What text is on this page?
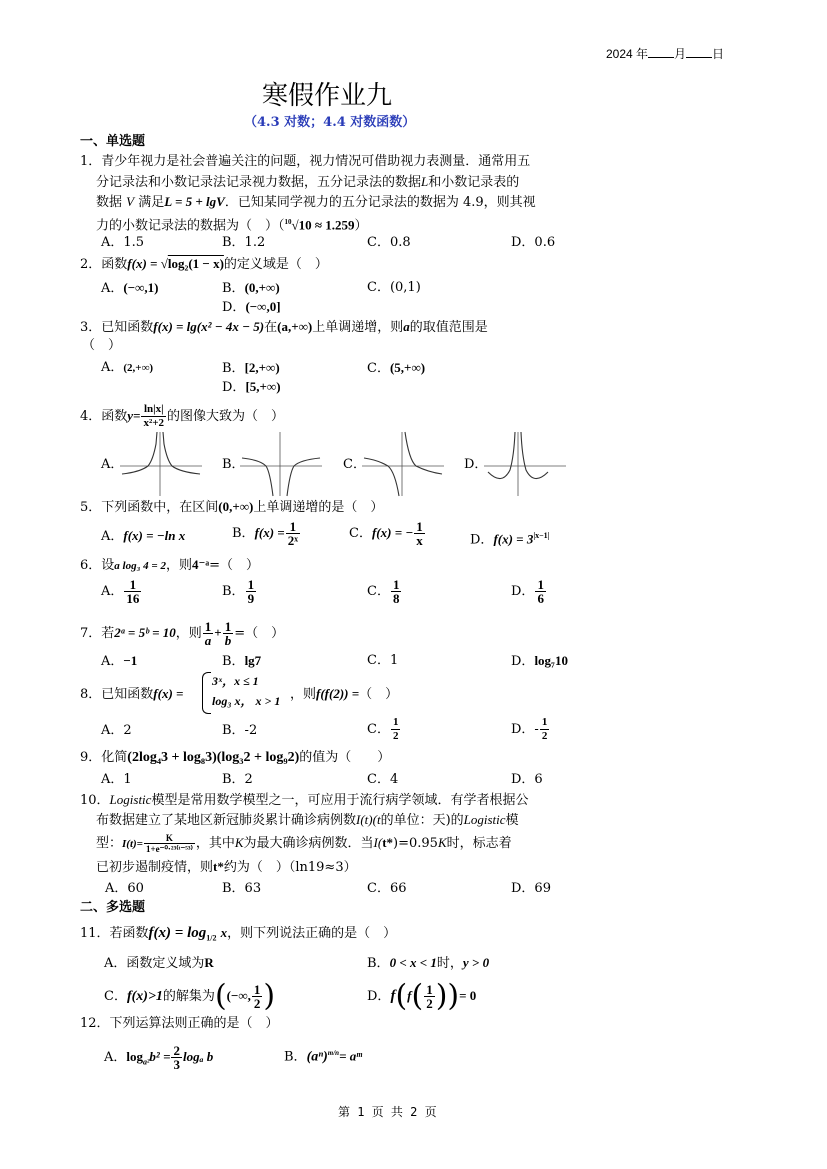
2024 年 月 日
寒假作业九
（4.3 对数；4.4 对数函数）
一、单选题
1．青少年视力是社会普遍关注的问题，视力情况可借助视力表测量．通常用五
分记录法和小数记录法记录视力数据，五分记录法的数据L和小数记录表的
数据 V 满足L = 5 + lgV．已知某同学视力的五分记录法的数据为 4.9，则其视
力的小数记录法的数据为（　）（$^{10}$√10 ≈ 1.259）
A．1.5	B．1.2	C．0.8	D．0.6
2．函数f(x) = √log₂(1 − x)的定义域是（　）
A．(−∞,1)	B．(0,+∞)	C．(0,1)
D．(−∞,0]
3．已知函数f(x) = lg(x² − 4x − 5)在(a,+∞)上单调递增，则a的取值范围是
（　）
A．(2,+∞)	B．[2,+∞)	C．(5,+∞)
D．[5,+∞)
4．函数$y= \frac{\ln|x|}{\text{x²+2}}$ 的图像大致为（　）
A．	B．	C．	D．
5．下列函数中，在区间(0,+∞)上单调递增的是（　）
A．f(x) = −ln x	B．$f(x) = \frac{1}{\text{2ˣ}}$	C．f(x) = − $\frac{1}{x}$	D．$f(x) = 3^{|x-1|}$
6．设a log₃ 4 = 2，则4⁻ᵃ=（　）
A． $\frac{1}{16}$	B． $\frac{1}{9}$	C． $\frac{1}{8}$	D． $\frac{1}{6}$
7．若2ᵃ = 5ᵇ = 10，则 $\frac{1}{a} + \frac{1}{b}$ =（　）
A．−1	B．lg7	C．1	D．log₇10
8．已知函数f(x) =
3ˣ，x ≤ 1
log₃ x， x > 1 ，则f(f(2)) =（　）
A．2	B．-2	C． $\frac{1}{2}$	D．- $\frac{1}{2}$
9．化简(2log₄3 + log₈3)(log₃2 + log₉2)的值为（　　）
A．1	B．2	C．4	D．6
10．Logistic模型是常用数学模型之一，可应用于流行病学领域．有学者根据公
布数据建立了某地区新冠肺炎累计确诊病例数I(t)(t的单位：天)的Logistic模
型：$I(t)= \frac{K}{\text{1+e⁻⁰·²³⁽ᵗ⁻⁵³⁾}}$ ，其中K为最大确诊病例数．当I(t*)=0.95K时，标志着
已初步遏制疫情，则t*约为（　）（ln19≈3）
A．60	B．63	C．66	D．69
二、多选题
11．若函数$f(x) = \log_{1/2} x$，则下列说法正确的是（　）
A．函数定义域为R	B．0 < x < 1时，y > 0
C．f(x)>1的解集为((−∞, $\frac{1}{2}$ )	D．$f(f( \frac{1}{2}$ ))= 0
12．下列运算法则正确的是（　）
A．$\log_{a^2}b^2 = \frac{2}{3}$ logₐ b	B．$(a^n)^{m/n}=$ aᵐ
第 1 页 共 2 页
